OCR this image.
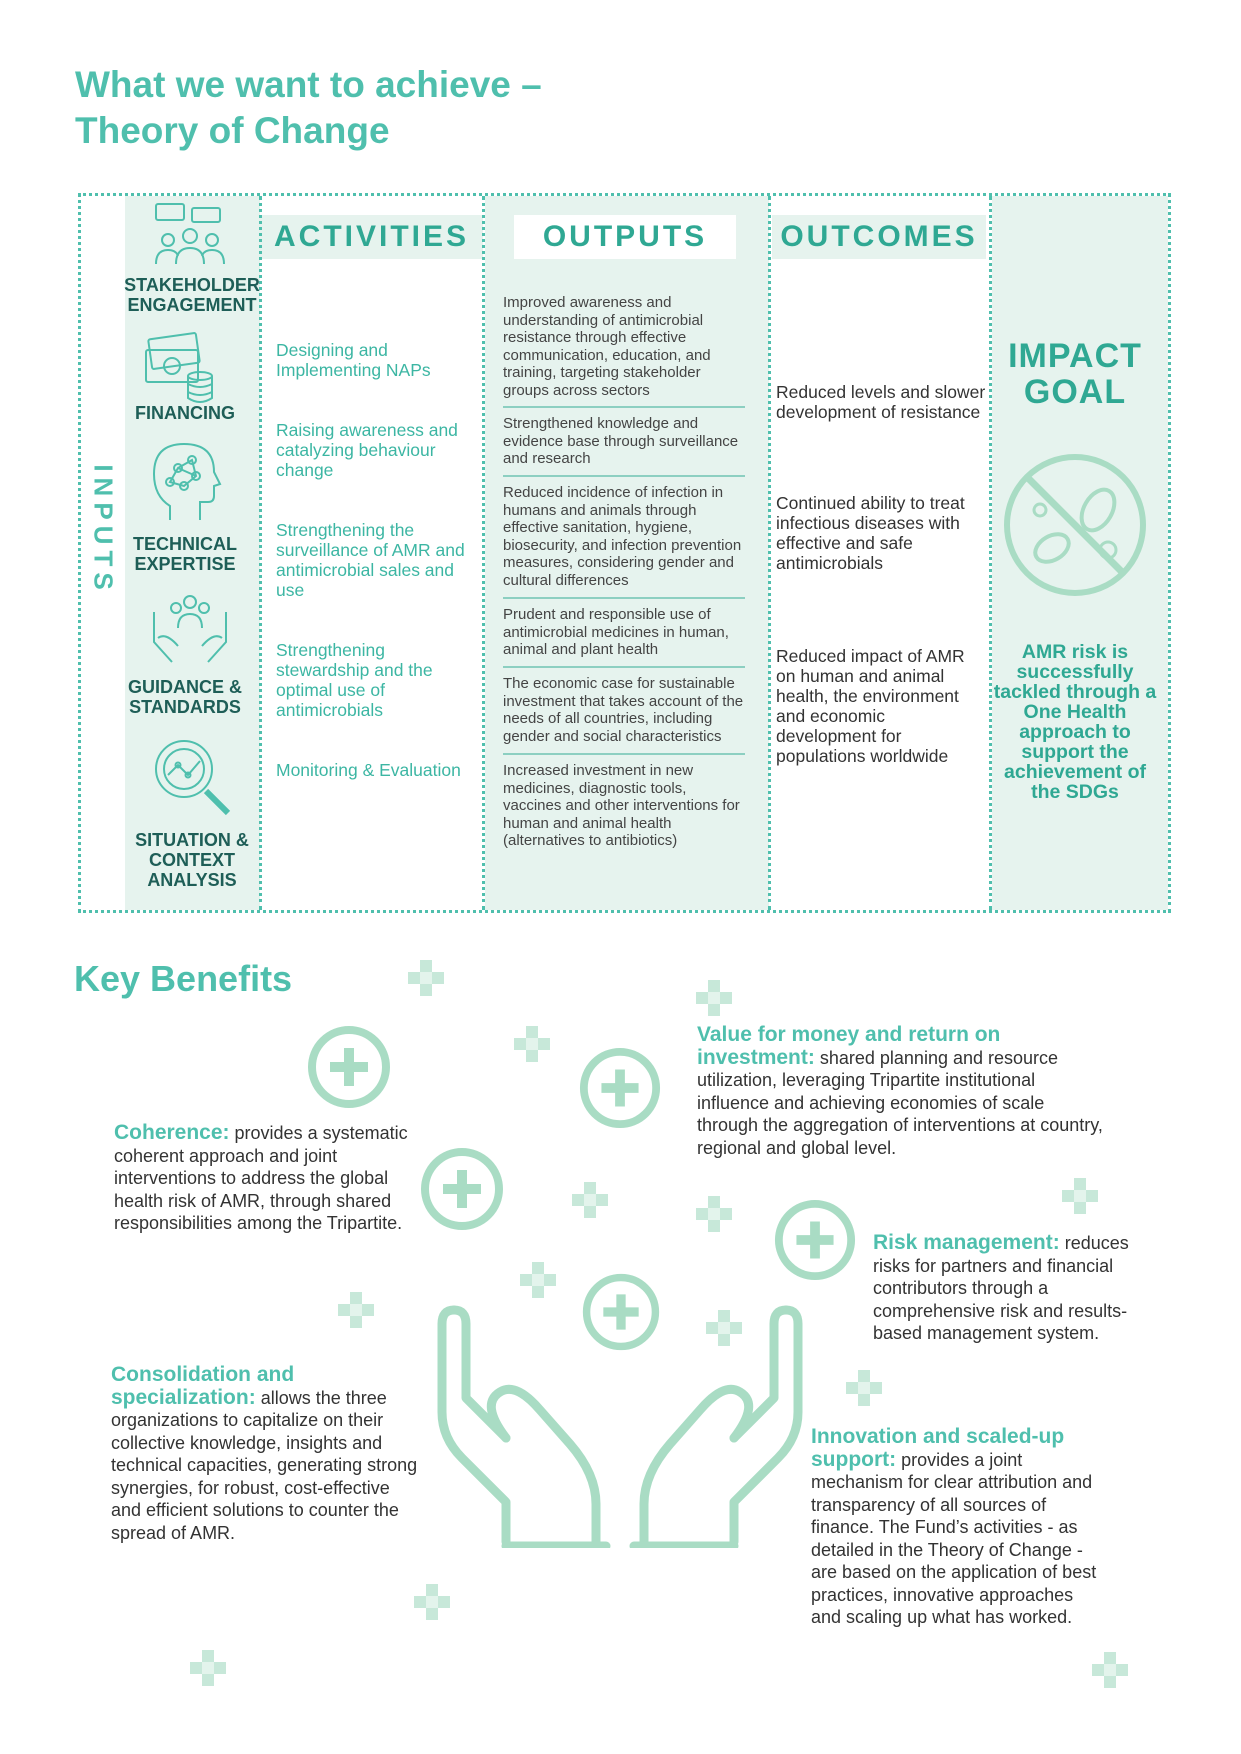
What we want to achieve –
Theory of Change
INPUTS
ACTIVITIES	OUTPUTS	OUTCOMES
STAKEHOLDER
ENGAGEMENT
FINANCING
TECHNICAL
EXPERTISE
GUIDANCE &
STANDARDS
SITUATION &
CONTEXT
ANALYSIS
Designing and Implementing NAPs
Raising awareness and catalyzing behaviour change
Strengthening the surveillance of AMR and antimicrobial sales and use
Strengthening stewardship and the optimal use of antimicrobials
Monitoring & Evaluation
Improved awareness and understanding of antimicrobial resistance through effective communication, education, and training, targeting stakeholder groups across sectors
Strengthened knowledge and evidence base through surveillance and research
Reduced incidence of infection in humans and animals through effective sanitation, hygiene, biosecurity, and infection prevention measures, considering gender and cultural differences
Prudent and responsible use of antimicrobial medicines in human, animal and plant health
The economic case for sustainable investment that takes account of the needs of all countries, including gender and social characteristics
Increased investment in new medicines, diagnostic tools, vaccines and other interventions for human and animal health (alternatives to antibiotics)
Reduced levels and slower development of resistance
Continued ability to treat infectious diseases with effective and safe antimicrobials
Reduced impact of AMR on human and animal health, the environment and economic development for populations worldwide
IMPACT
GOAL
AMR risk is successfully tackled through a One Health approach to support the achievement of the SDGs
Key Benefits
Coherence: provides a systematic coherent approach and joint interventions to address the global health risk of AMR, through shared responsibilities among the Tripartite.
Consolidation and specialization: allows the three organizations to capitalize on their collective knowledge, insights and technical capacities, generating strong synergies, for robust, cost-effective and efficient solutions to counter the spread of AMR.
Value for money and return on investment: shared planning and resource utilization, leveraging Tripartite institutional influence and achieving economies of scale through the aggregation of interventions at country, regional and global level.
Risk management: reduces risks for partners and financial contributors through a comprehensive risk and results-based management system.
Innovation and scaled-up support: provides a joint mechanism for clear attribution and transparency of all sources of finance. The Fund’s activities - as detailed in the Theory of Change - are based on the application of best practices, innovative approaches and scaling up what has worked.
